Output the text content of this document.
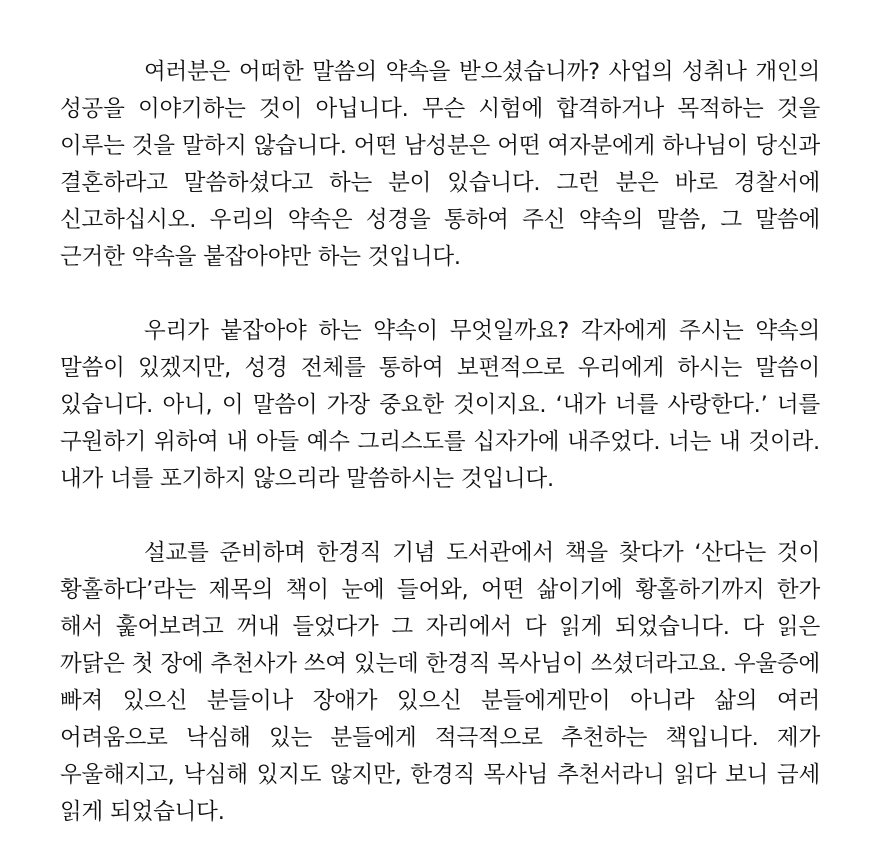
여러분은 어떠한 말씀의 약속을 받으셨습니까? 사업의 성취나 개인의 성공을 이야기하는 것이 아닙니다. 무슨 시험에 합격하거나 목적하는 것을 이루는 것을 말하지 않습니다. 어떤 남성분은 어떤 여자분에게 하나님이 당신과 결혼하라고 말씀하셨다고 하는 분이 있습니다. 그런 분은 바로 경찰서에 신고하십시오. 우리의 약속은 성경을 통하여 주신 약속의 말씀, 그 말씀에 근거한 약속을 붙잡아야만 하는 것입니다.

우리가 붙잡아야 하는 약속이 무엇일까요? 각자에게 주시는 약속의 말씀이 있겠지만, 성경 전체를 통하여 보편적으로 우리에게 하시는 말씀이 있습니다. 아니, 이 말씀이 가장 중요한 것이지요. ‘내가 너를 사랑한다.’ 너를 구원하기 위하여 내 아들 예수 그리스도를 십자가에 내주었다. 너는 내 것이라. 내가 너를 포기하지 않으리라 말씀하시는 것입니다.

설교를 준비하며 한경직 기념 도서관에서 책을 찾다가 ‘산다는 것이 황홀하다’라는 제목의 책이 눈에 들어와, 어떤 삶이기에 황홀하기까지 한가 해서 훑어보려고 꺼내 들었다가 그 자리에서 다 읽게 되었습니다. 다 읽은 까닭은 첫 장에 추천사가 쓰여 있는데 한경직 목사님이 쓰셨더라고요. 우울증에 빠져 있으신 분들이나 장애가 있으신 분들에게만이 아니라 삶의 여러 어려움으로 낙심해 있는 분들에게 적극적으로 추천하는 책입니다. 제가 우울해지고, 낙심해 있지도 않지만, 한경직 목사님 추천서라니 읽다 보니 금세 읽게 되었습니다.
